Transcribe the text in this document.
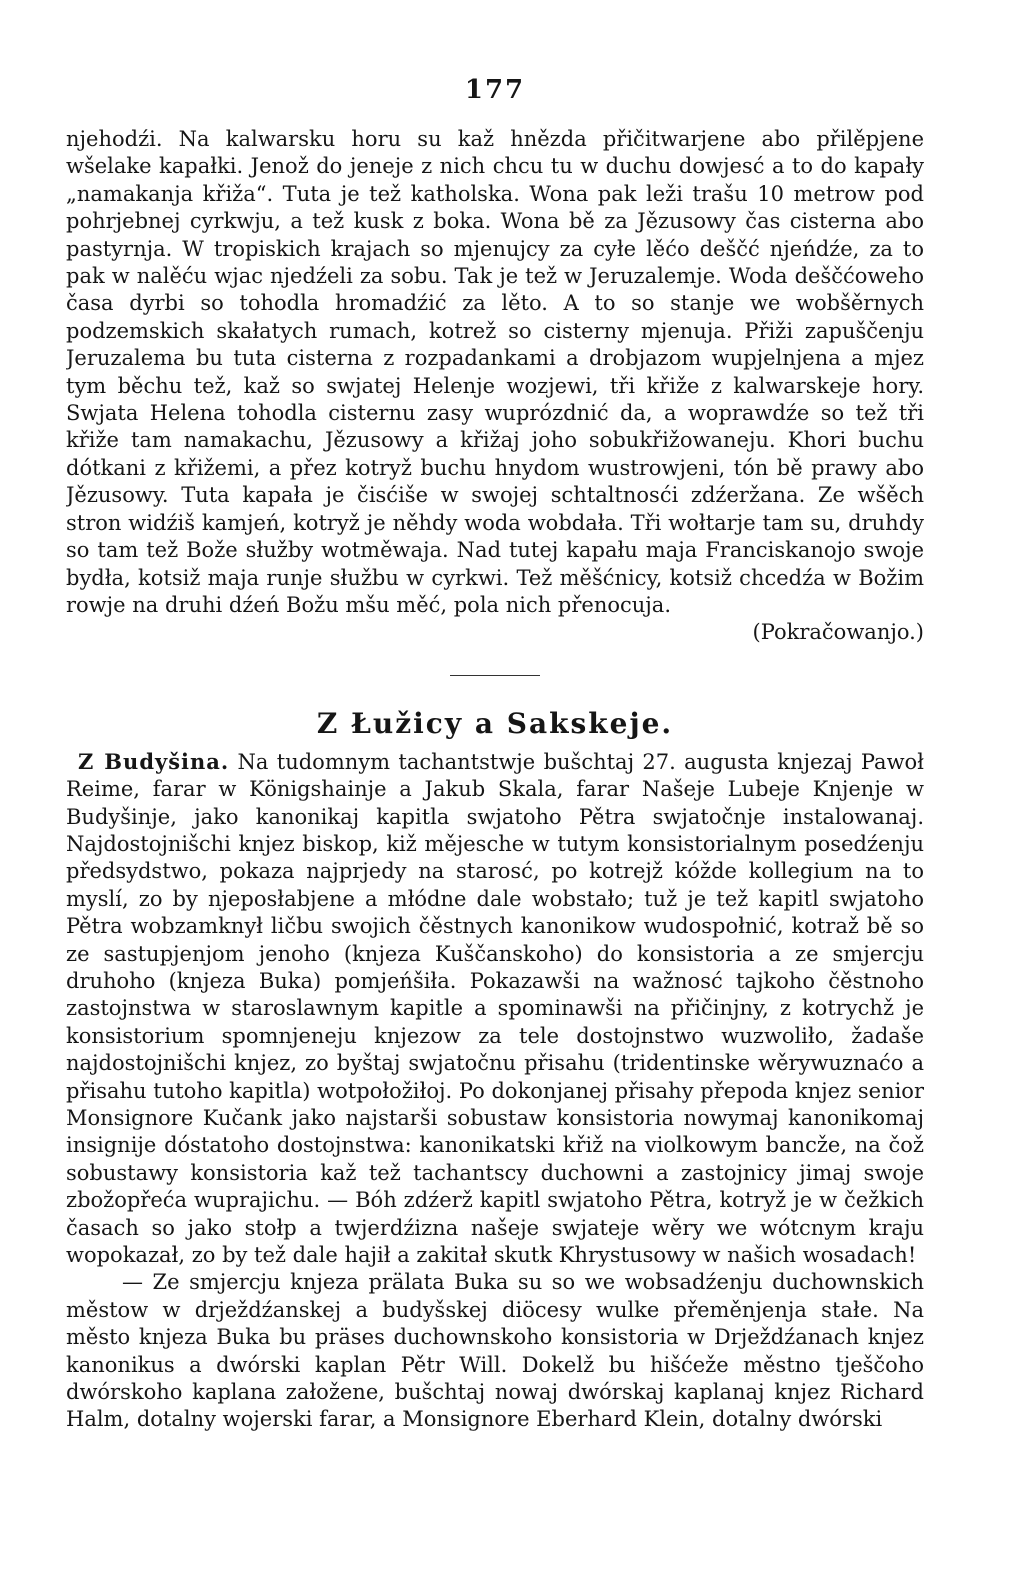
177

njehodźi. Na kalwarsku horu su kaž hnězda přičitwarjene abo přilěpjene wšelake kapałki. Jenož do jeneje z nich chcu tu w duchu dowjesć a to do kapały „namakanja křiža“. Tuta je tež katholska. Wona pak leži trašu 10 metrow pod pohrjebnej cyrkwju, a tež kusk z boka. Wona bě za Jězusowy čas cisterna abo pastyrnja. W tropiskich krajach so mjenujcy za cyłe lěćo deščć njeńdźe, za to pak w nalěću wjac njedźeli za sobu. Tak je tež w Jeruzalemje. Woda deščćoweho časa dyrbi so tohodla hromadźić za lěto. A to so stanje we wobšěrnych podzemskich skałatych rumach, kotrež so cisterny mjenuja. Přiži zapuščenju Jeruzalema bu tuta cisterna z rozpadankami a drobjazom wupjelnjena a mjez tym běchu tež, kaž so swjatej Helenje wozjewi, tři křiže z kalwarskeje hory. Swjata Helena tohodla cisternu zasy wuprózdnić da, a woprawdźe so tež tři křiže tam namakachu, Jězusowy a křižaj joho sobukřižowaneju. Khori buchu dótkani z křižemi, a přez kotryž buchu hnydom wustrowjeni, tón bě prawy abo Jězusowy. Tuta kapała je čisćiše w swojej schtaltnosći zdźeržana. Ze wšěch stron widźiš kamjeń, kotryž je něhdy woda wobdała. Tři wołtarje tam su, druhdy so tam tež Bože słužby wotměwaja. Nad tutej kapału maja Franciskanojo swoje bydła, kotsiž maja runje słužbu w cyrkwi. Tež měšćnicy, kotsiž chcedźa w Božim rowje na druhi dźeń Božu mšu měć, pola nich přenocuja.

(Pokračowanjo.)
Z Łužicy a Sakskeje.

Z Budyšina. Na tudomnym tachantstwje bušchtaj 27. augusta knjezaj Pawoł Reime, farar w Königshainje a Jakub Skala, farar Našeje Lubeje Knjenje w Budyšinje, jako kanonikaj kapitla swjatoho Pětra swjatočnje instalowanaj. Najdostojnišchi knjez biskop, kiž mějesche w tutym konsistorialnym posedźenju předsydstwo, pokaza najprjedy na starosć, po kotrejž kóžde kollegium na to myslí, zo by njeposłabjene a młódne dale wobstało; tuž je tež kapitl swjatoho Pětra wobzamknył ličbu swojich čěstnych kanonikow wudospołnić, kotraž bě so ze sastupjenjom jenoho (knjeza Kuščanskoho) do konsistoria a ze smjercju druhoho (knjeza Buka) pomjeńšiła. Pokazawši na wažnosć tajkoho čěstnoho zastojnstwa w staroslawnym kapitle a spominawši na přičinjny, z kotrychž je konsistorium spomnjeneju knjezow za tele dostojnstwo wuzwoliło, žadaše najdostojnišchi knjez, zo byštaj swjatočnu přisahu (tridentinske wěrywuznaćo a přisahu tutoho kapitla) wotpołožiłoj. Po dokonjanej přisahy přepoda knjez senior Monsignore Kučank jako najstarši sobustaw konsistoria nowymaj kanonikomaj insignije dóstatoho dostojnstwa: kanonikatski křiž na violkowym bancže, na čož sobustawy konsistoria kaž tež tachantscy duchowni a zastojnicy jimaj swoje zbožopřeća wuprajichu. — Bóh zdźerž kapitl swjatoho Pětra, kotryž je w čežkich časach so jako stołp a twjerdźizna našeje swjateje wěry we wótcnym kraju wopokazał, zo by tež dale hajił a zakitał skutk Khrystusowy w našich wosadach!

— Ze smjercju knjeza prälata Buka su so we wobsadźenju duchownskich městow w drježdźanskej a budyšskej diöcesy wulke přeměnjenja stałe. Na město knjeza Buka bu präses duchownskoho konsistoria w Drježdźanach knjez kanonikus a dwórski kaplan Pětr Will. Dokelž bu hišćeže městno tješčoho dwórskoho kaplana załožene, bušchtaj nowaj dwórskaj kaplanaj knjez Richard Halm, dotalny wojerski farar, a Monsignore Eberhard Klein, dotalny dwórski
